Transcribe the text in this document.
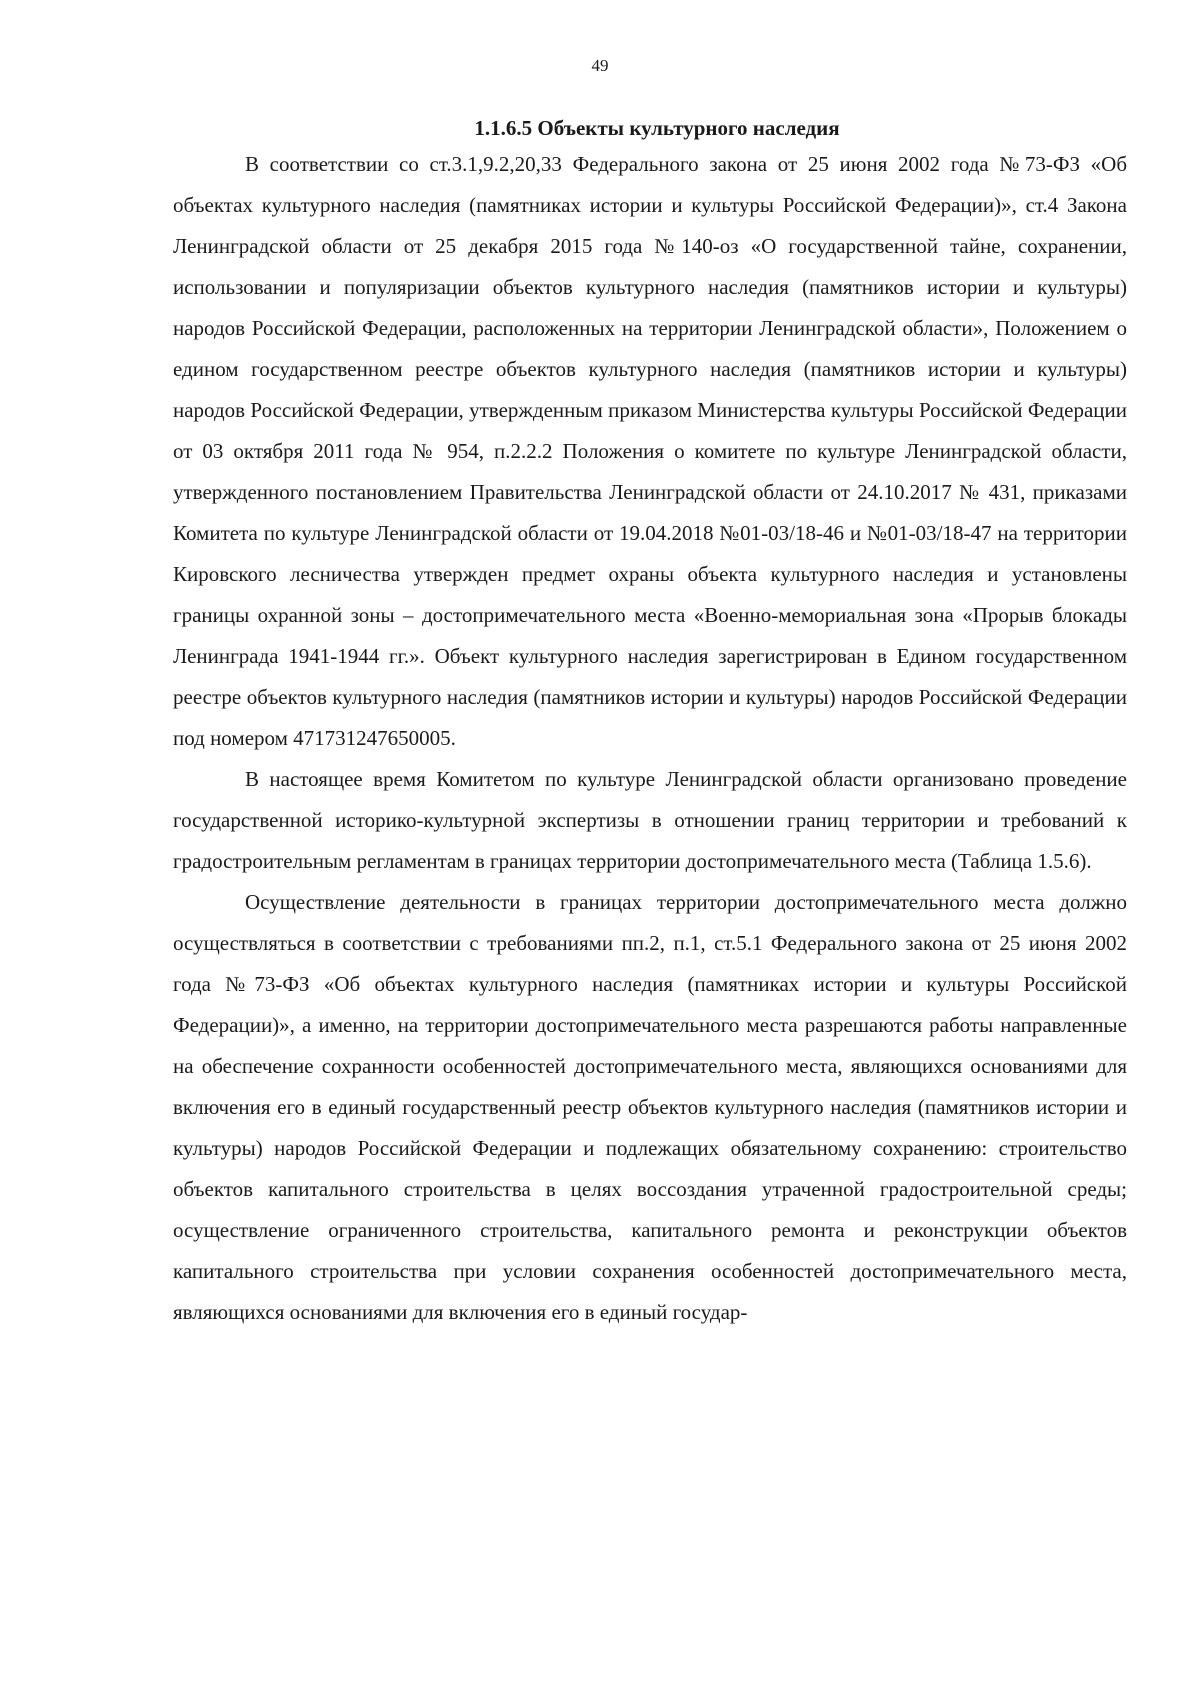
49
1.1.6.5 Объекты культурного наследия

В соответствии со ст.3.1,9.2,20,33 Федерального закона от 25 июня 2002 года №73-ФЗ «Об объектах культурного наследия (памятниках истории и культуры Российской Федерации)», ст.4 Закона Ленинградской области от 25 декабря 2015 года №140-оз «О государственной тайне, сохранении, использовании и популяризации объектов культурного наследия (памятников истории и культуры) народов Российской Федерации, расположенных на территории Ленинградской области», Положением о едином государственном реестре объектов культурного наследия (памятников истории и культуры) народов Российской Федерации, утвержденным приказом Министерства культуры Российской Федерации от 03 октября 2011 года № 954, п.2.2.2 Положения о комитете по культуре Ленинградской области, утвержденного постановлением Правительства Ленинградской области от 24.10.2017 № 431, приказами Комитета по культуре Ленинградской области от 19.04.2018 №01-03/18-46 и №01-03/18-47 на территории Кировского лесничества утвержден предмет охраны объекта культурного наследия и установлены границы охранной зоны – достопримечательного места «Военно-мемориальная зона «Прорыв блокады Ленинграда 1941-1944 гг.». Объект культурного наследия зарегистрирован в Едином государственном реестре объектов культурного наследия (памятников истории и культуры) народов Российской Федерации под номером 471731247650005.

В настоящее время Комитетом по культуре Ленинградской области организовано проведение государственной историко-культурной экспертизы в отношении границ территории и требований к градостроительным регламентам в границах территории достопримечательного места (Таблица 1.5.6).

Осуществление деятельности в границах территории достопримечательного места должно осуществляться в соответствии с требованиями пп.2, п.1, ст.5.1 Федерального закона от 25 июня 2002 года №73-ФЗ «Об объектах культурного наследия (памятниках истории и культуры Российской Федерации)», а именно, на территории достопримечательного места разрешаются работы направленные на обеспечение сохранности особенностей достопримечательного места, являющихся основаниями для включения его в единый государственный реестр объектов культурного наследия (памятников истории и культуры) народов Российской Федерации и подлежащих обязательному сохранению: строительство объектов капитального строительства в целях воссоздания утраченной градостроительной среды; осуществление ограниченного строительства, капитального ремонта и реконструкции объектов капитального строительства при условии сохранения особенностей достопримечательного места, являющихся основаниями для включения его в единый государ-
